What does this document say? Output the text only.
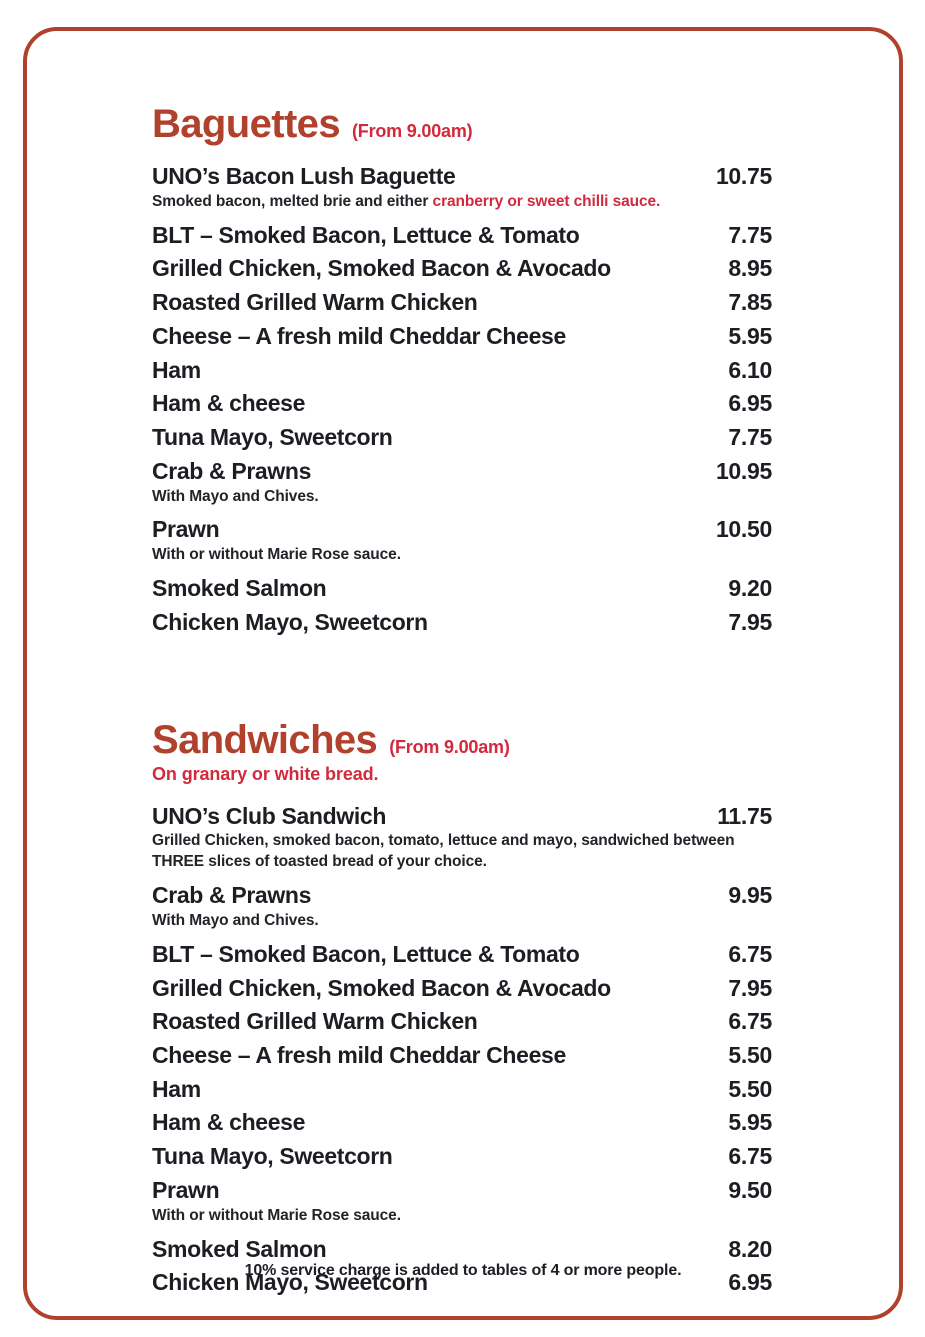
Baguettes (From 9.00am)
UNO’s Bacon Lush Baguette	10.75
Smoked bacon, melted brie and either cranberry or sweet chilli sauce.
BLT – Smoked Bacon, Lettuce & Tomato	7.75
Grilled Chicken, Smoked Bacon & Avocado	8.95
Roasted Grilled Warm Chicken	7.85
Cheese – A fresh mild Cheddar Cheese	5.95
Ham	6.10
Ham & cheese	6.95
Tuna Mayo, Sweetcorn	7.75
Crab & Prawns	10.95
With Mayo and Chives.
Prawn	10.50
With or without Marie Rose sauce.
Smoked Salmon	9.20
Chicken Mayo, Sweetcorn	7.95
Sandwiches (From 9.00am)
On granary or white bread.
UNO’s Club Sandwich	11.75
Grilled Chicken, smoked bacon, tomato, lettuce and mayo, sandwiched between THREE slices of toasted bread of your choice.
Crab & Prawns	9.95
With Mayo and Chives.
BLT – Smoked Bacon, Lettuce & Tomato	6.75
Grilled Chicken, Smoked Bacon & Avocado	7.95
Roasted Grilled Warm Chicken	6.75
Cheese – A fresh mild Cheddar Cheese	5.50
Ham	5.50
Ham & cheese	5.95
Tuna Mayo, Sweetcorn	6.75
Prawn	9.50
With or without Marie Rose sauce.
Smoked Salmon	8.20
Chicken Mayo, Sweetcorn	6.95
10% service charge is added to tables of 4 or more people.
